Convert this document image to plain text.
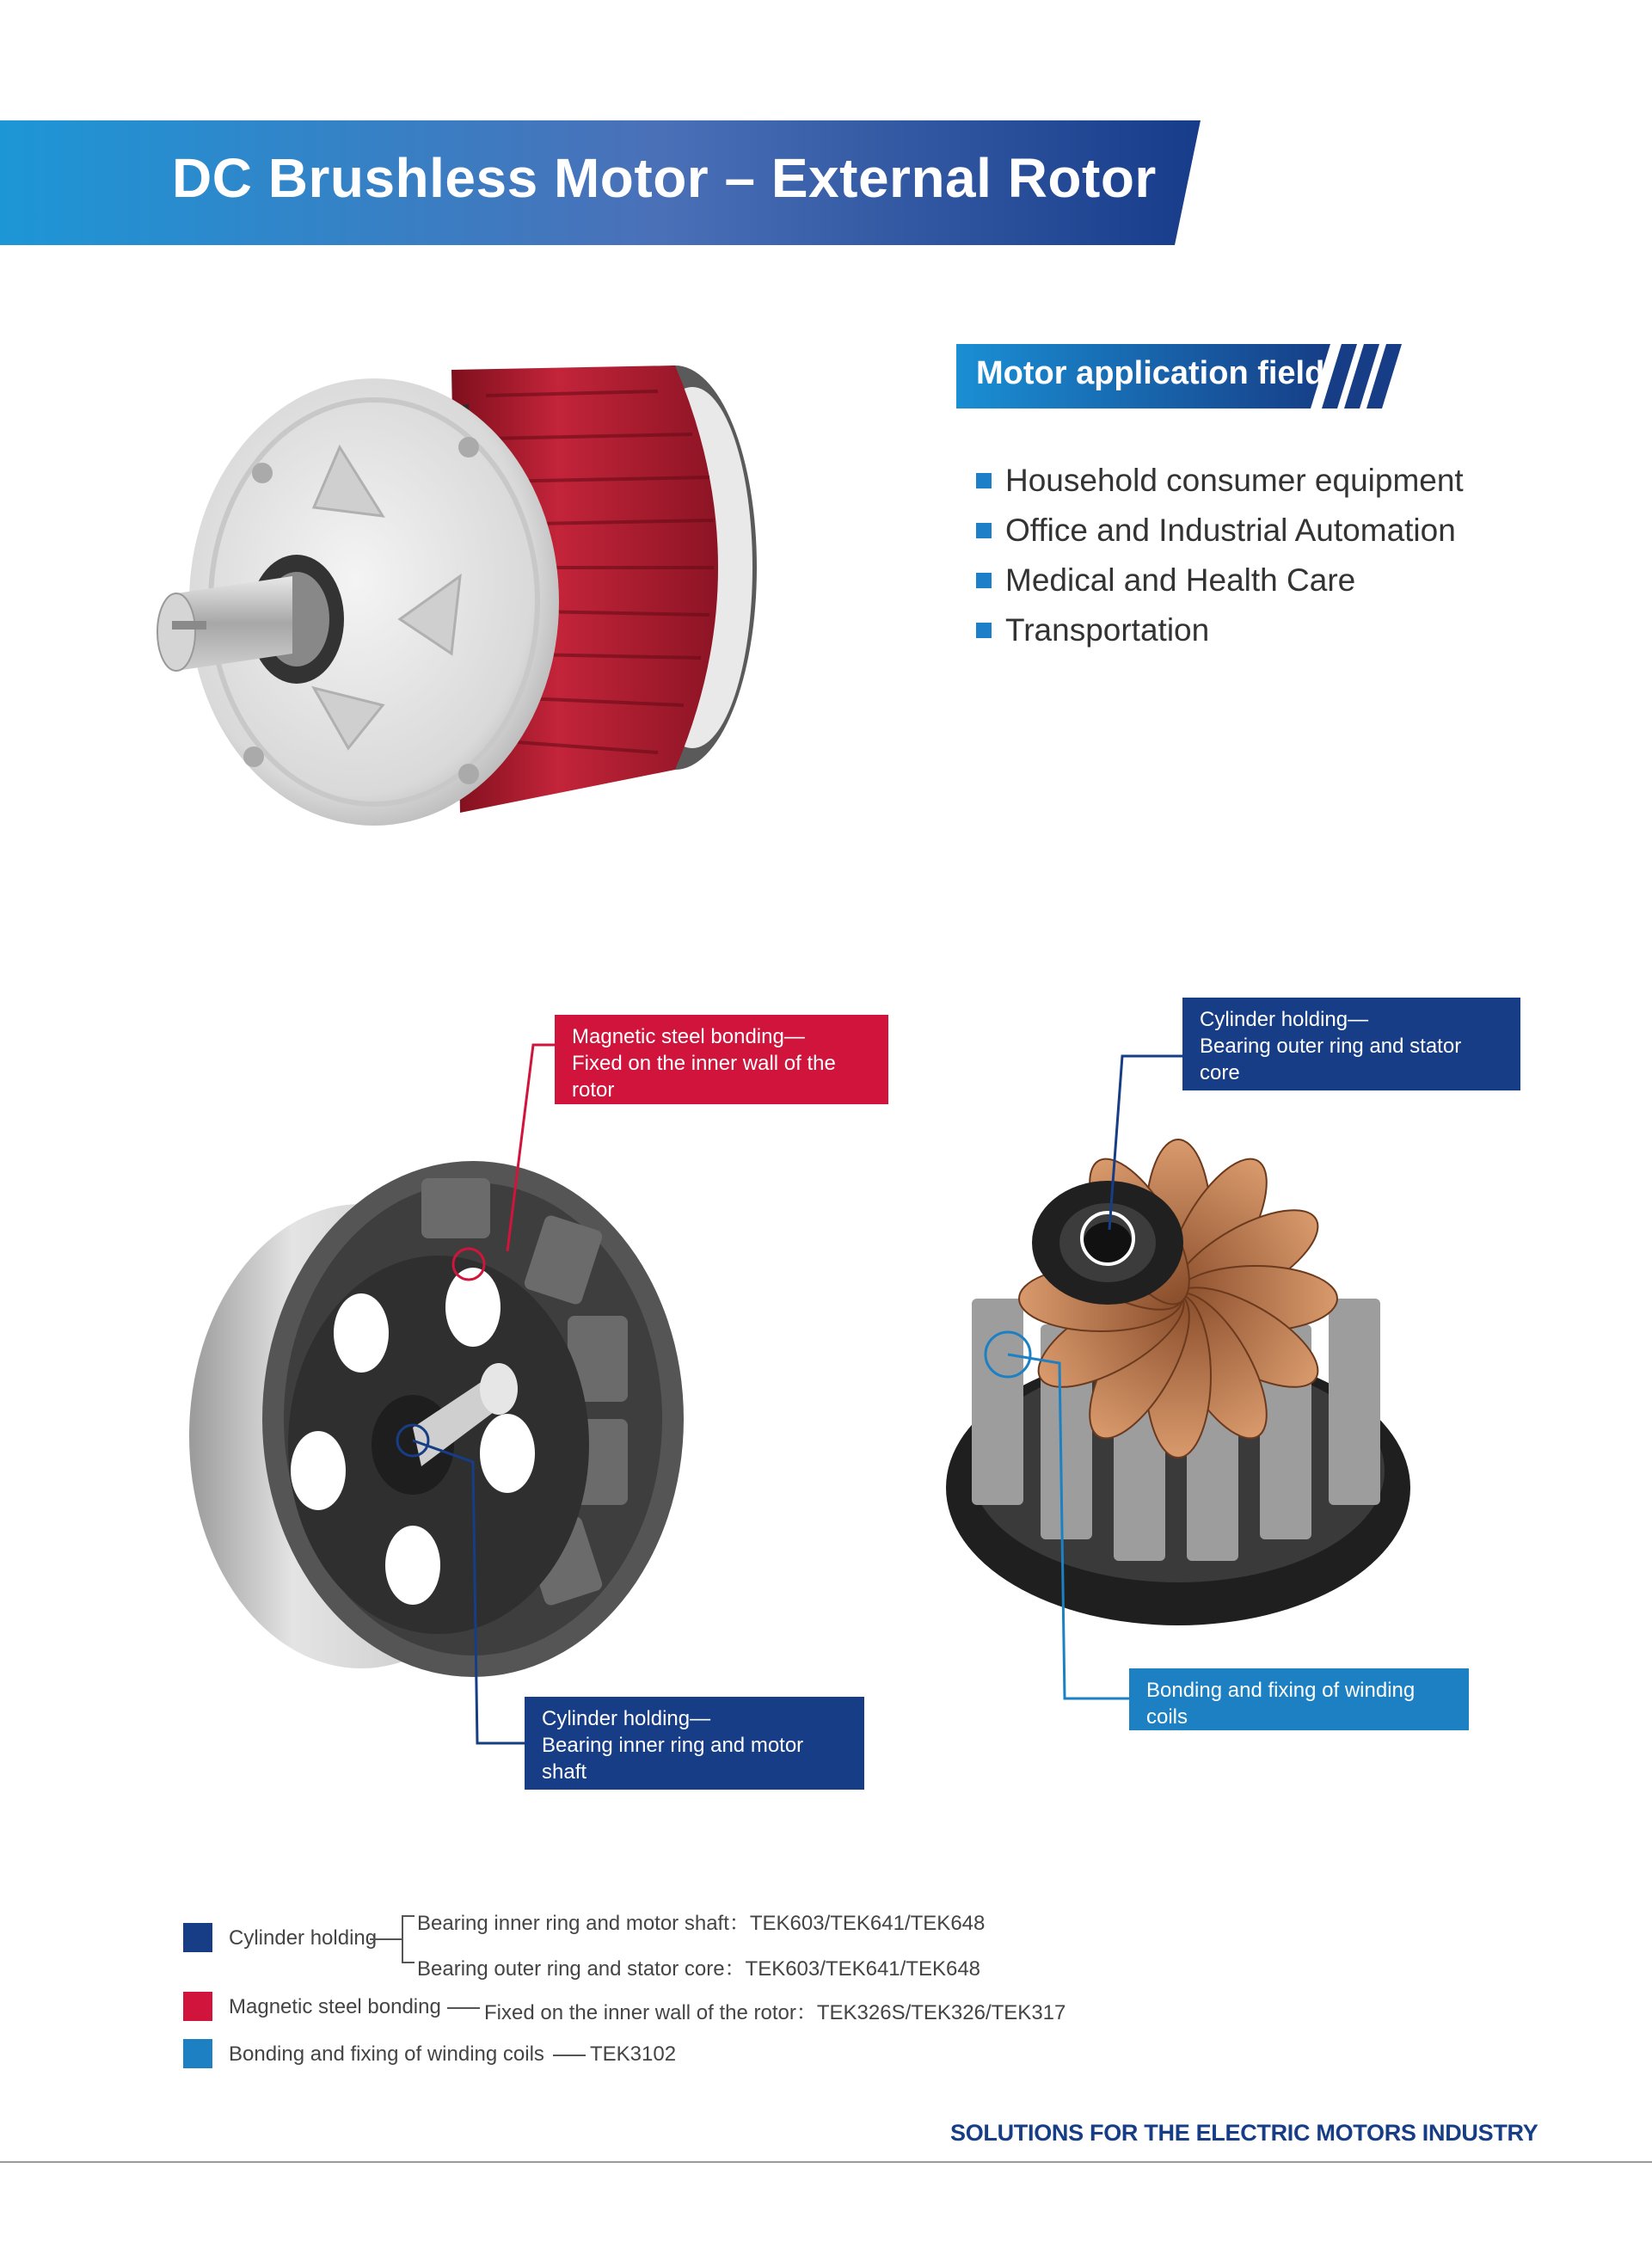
DC Brushless Motor – External Rotor
Motor application field
Household consumer equipment
Office and Industrial Automation
Medical and Health Care
Transportation
Magnetic steel bonding—
Fixed on the inner wall of the rotor
TEK326S/TEK326/TEK317
Cylinder holding—
Bearing outer ring and stator core
TEK603/TEK641/TEK648
Cylinder holding—
Bearing inner ring and motor shaft
TEK603/TEK641/TEK648
Bonding and fixing of winding coils
TEK3102
Cylinder holding
Bearing inner ring and motor shaft：TEK603/TEK641/TEK648
Bearing outer ring and stator core：TEK603/TEK641/TEK648
Magnetic steel bonding Fixed on the inner wall of the rotor：TEK326S/TEK326/TEK317
Bonding and fixing of winding coils TEK3102
SOLUTIONS FOR THE ELECTRIC MOTORS INDUSTRY
